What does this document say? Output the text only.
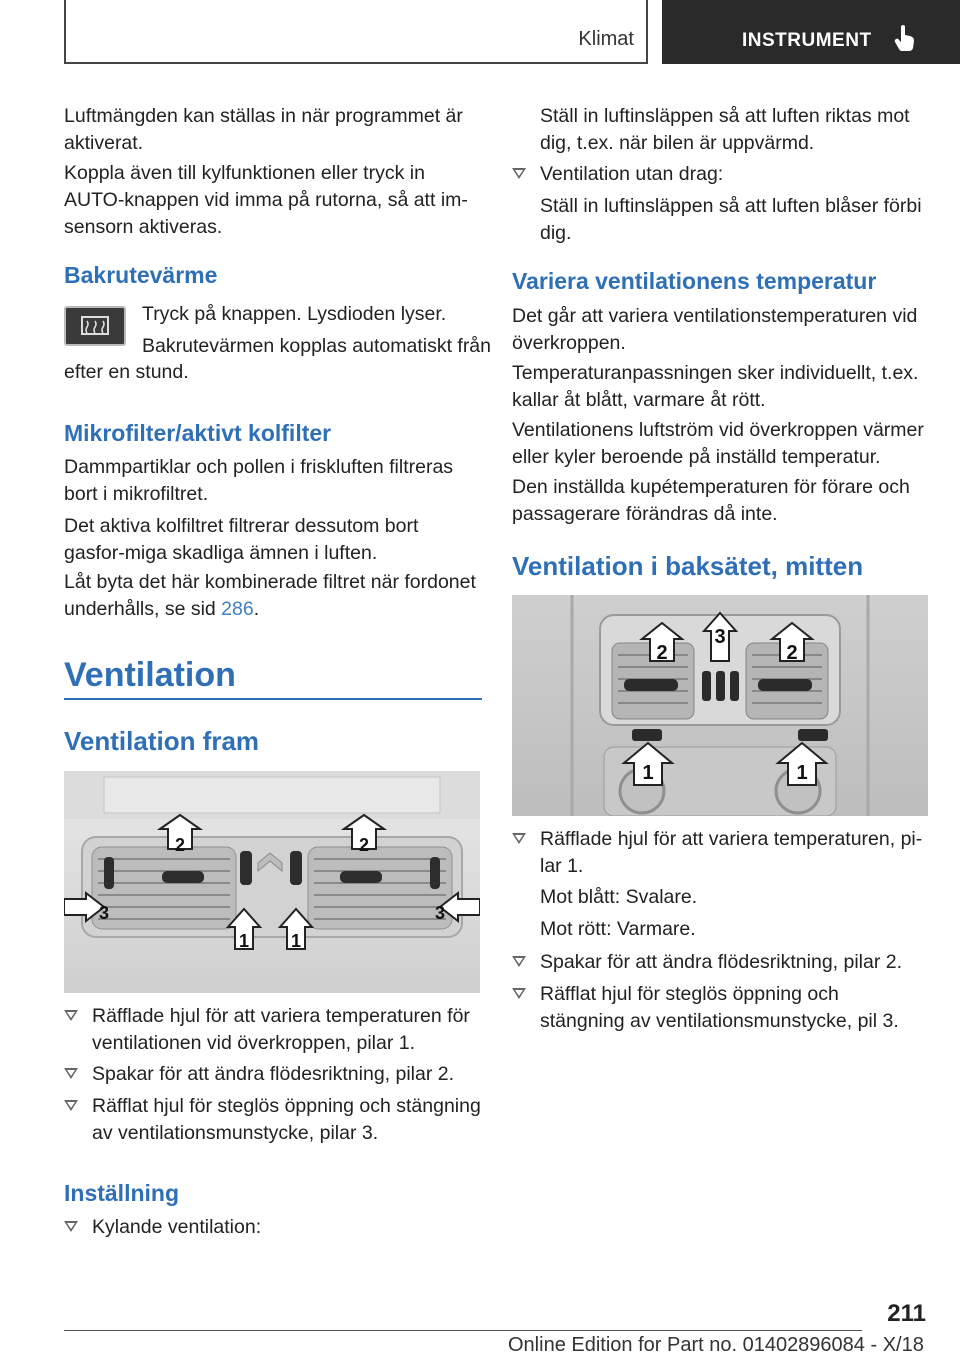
Klimat	INSTRUMENT

Luftmängden kan ställas in när programmet är aktiverat.

Koppla även till kylfunktionen eller tryck in AUTO-knappen vid imma på rutorna, så att im-sensorn aktiveras.

Bakrutevärme

Tryck på knappen. Lysdioden lyser.

Bakrutevärmen kopplas automatiskt från

efter en stund.

Mikrofilter/aktivt kolfilter

Dammpartiklar och pollen i friskluften filtreras bort i mikrofiltret.

Det aktiva kolfiltret filtrerar dessutom bort gasfor-miga skadliga ämnen i luften.

Låt byta det här kombinerade filtret när fordonet underhålls, se sid 286.

Ventilation
Ventilation fram
2	2
1 1
3	3
Räfflade hjul för att variera temperaturen för ventilationen vid överkroppen, pilar 1.
Spakar för att ändra flödesriktning, pilar 2.
Räfflat hjul för steglös öppning och stängning av ventilationsmunstycke, pilar 3.
Inställning
Kylande ventilation:

Ställ in luftinsläppen så att luften riktas mot dig, t.ex. när bilen är uppvärmd.

Ventilation utan drag:

Ställ in luftinsläppen så att luften blåser förbi dig.

Variera ventilationens temperatur

Det går att variera ventilationstemperaturen vid överkroppen.

Temperaturanpassningen sker individuellt, t.ex. kallar åt blått, varmare åt rött.

Ventilationens luftström vid överkroppen värmer eller kyler beroende på inställd temperatur.

Den inställda kupétemperaturen för förare och passagerare förändras då inte.

Ventilation i baksätet, mitten
2	2
3
1	1
Räfflade hjul för att variera temperaturen, pi-lar 1.

Mot blått: Svalare.

Mot rött: Varmare.

Spakar för att ändra flödesriktning, pilar 2.
Räfflat hjul för steglös öppning och stängning av ventilationsmunstycke, pil 3.
211
Online Edition for Part no. 01402896084 - X/18
